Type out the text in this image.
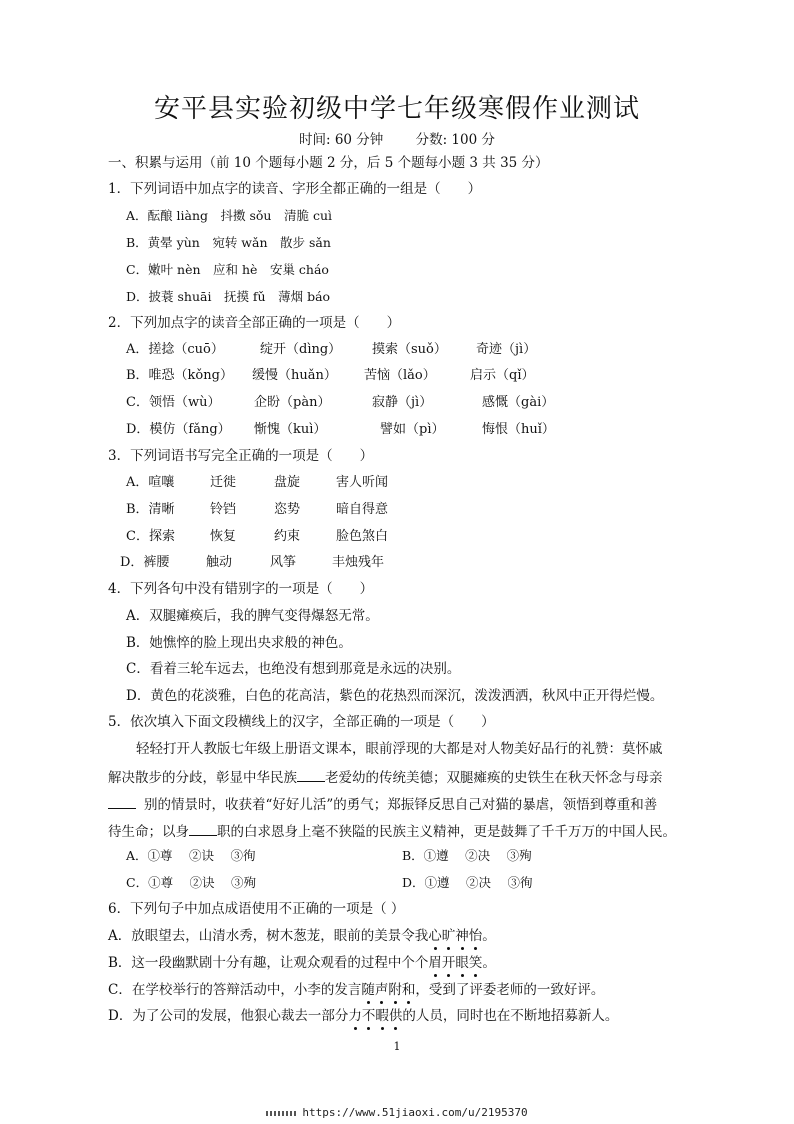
安平县实验初级中学七年级寒假作业测试
时间: 60 分钟 分数: 100 分
一、积累与运用（前 10 个题每小题 2 分，后 5 个题每小题 3 共 35 分）
1．下列词语中加点字的读音、字形全都正确的一组是（　　）
A．酝酿 liàng　抖擞 sǒu　清脆 cuì
B．黄晕 yùn　宛转 wǎn　散步 sǎn
C．嫩叶 nèn　应和 hè　安巢 cháo
D．披蓑 shuāi　抚摸 fǔ　薄烟 báo
2．下列加点字的读音全部正确的一项是（　　）
A．搓捻（cuō）	绽开（dìng） 摸索（suǒ） 奇迹（jì）
B．唯恐（kǒng） 缓慢（huǎn） 苦恼（lǎo）	启示（qǐ）
C．领悟（wù）	企盼（pàn）	寂静（jì）	感慨（gài）
D．模仿（fǎng） 惭愧（kuì）	譬如（pì）	悔恨（huǐ）
3．下列词语书写完全正确的一项是（　　）
A．喧嚷	迁徙	盘旋	害人听闻
B．清晰	铃铛	恣势	暗自得意
C．探索	恢复	约束	脸色煞白
D．裤腰	触动	风筝	丰烛残年
4．下列各句中没有错别字的一项是（　　）
A．双腿瘫痪后，我的脾气变得爆怒无常。
B．她憔悴的脸上现出央求般的神色。
C．看着三轮车远去，也绝没有想到那竟是永远的决别。
D．黄色的花淡雅，白色的花高洁，紫色的花热烈而深沉，泼泼洒洒，秋风中正开得烂慢。
5．依次填入下面文段横线上的汉字，全部正确的一项是（　　）
轻轻打开人教版七年级上册语文课本，眼前浮现的大都是对人物美好品行的礼赞：莫怀戚
解决散步的分歧，彰显中华民族 老爱幼的传统美德；双腿瘫痪的史铁生在秋天怀念与母亲
别的情景时，收获着“好好儿活”的勇气；郑振铎反思自己对猫的暴虐，领悟到尊重和善
待生命；以身 职的白求恩身上毫不狭隘的民族主义精神，更是鼓舞了千千万万的中国人民。
A．①尊　 ②诀　 ③徇	B．①遵　 ②决　 ③殉
C．①尊　 ②诀　 ③殉	D．①遵　 ②决　 ③徇
6．下列句子中加点成语使用不正确的一项是（ ）
A．放眼望去，山清水秀，树木葱茏，眼前的美景令我心旷神怡。
B．这一段幽默剧十分有趣，让观众观看的过程中个个眉开眼笑。
C．在学校举行的答辩活动中，小李的发言随声附和，受到了评委老师的一致好评。
D．为了公司的发展，他狠心裁去一部分力不暇供的人员，同时也在不断地招募新人。
1
https://www.51jiaoxi.com/u/2195370
